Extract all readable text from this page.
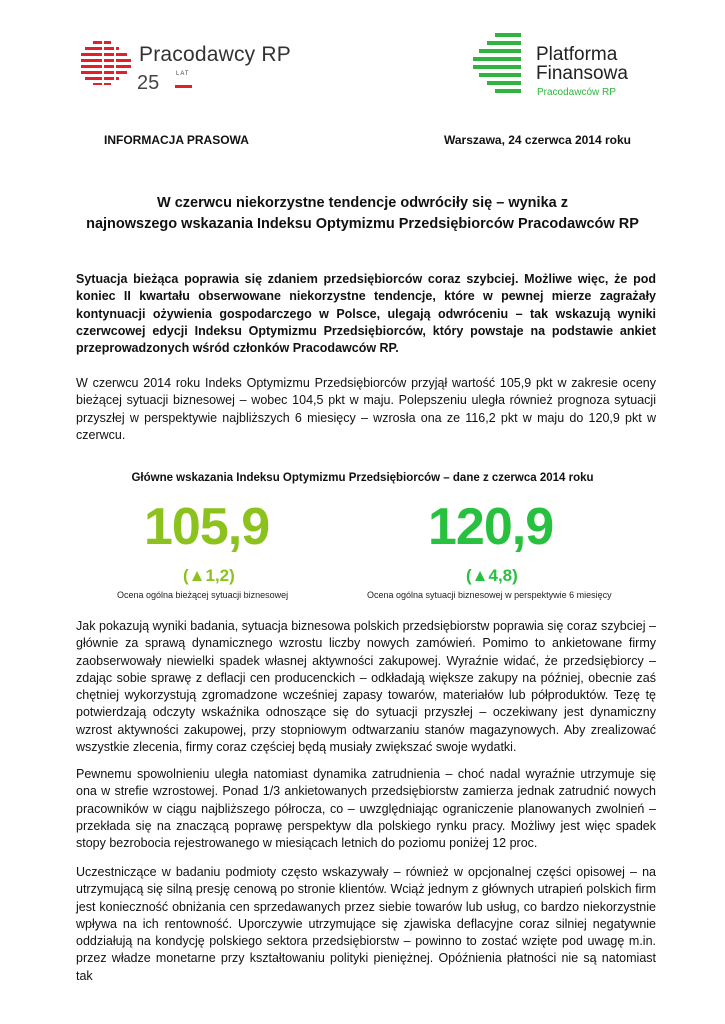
Pracodawcy RP
25	LAT
Platforma
Finansowa
Pracodawców RP
INFORMACJA PRASOWA	Warszawa, 24 czerwca 2014 roku
W czerwcu niekorzystne tendencje odwróciły się – wynika z
najnowszego wskazania Indeksu Optymizmu Przedsiębiorców Pracodawców RP
Sytuacja bieżąca poprawia się zdaniem przedsiębiorców coraz szybciej. Możliwe więc, że pod koniec II kwartału obserwowane niekorzystne tendencje, które w pewnej mierze zagrażały kontynuacji ożywienia gospodarczego w Polsce, ulegają odwróceniu – tak wskazują wyniki czerwcowej edycji Indeksu Optymizmu Przedsiębiorców, który powstaje na podstawie ankiet przeprowadzonych wśród członków Pracodawców RP.
W czerwcu 2014 roku Indeks Optymizmu Przedsiębiorców przyjął wartość 105,9 pkt w zakresie oceny bieżącej sytuacji biznesowej – wobec 104,5 pkt w maju. Polepszeniu uległa również prognoza sytuacji przyszłej w perspektywie najbliższych 6 miesięcy – wzrosła ona ze 116,2 pkt w maju do 120,9 pkt w czerwcu.
Główne wskazania Indeksu Optymizmu Przedsiębiorców – dane z czerwca 2014 roku
105,9	120,9
(▲1,2)	(▲4,8)
Ocena ogólna bieżącej sytuacji biznesowej	Ocena ogólna sytuacji biznesowej w perspektywie 6 miesięcy
Jak pokazują wyniki badania, sytuacja biznesowa polskich przedsiębiorstw poprawia się coraz szybciej – głównie za sprawą dynamicznego wzrostu liczby nowych zamówień. Pomimo to ankietowane firmy zaobserwowały niewielki spadek własnej aktywności zakupowej. Wyraźnie widać, że przedsiębiorcy – zdając sobie sprawę z deflacji cen producenckich – odkładają większe zakupy na później, obecnie zaś chętniej wykorzystują zgromadzone wcześniej zapasy towarów, materiałów lub półproduktów. Tezę tę potwierdzają odczyty wskaźnika odnoszące się do sytuacji przyszłej – oczekiwany jest dynamiczny wzrost aktywności zakupowej, przy stopniowym odtwarzaniu stanów magazynowych. Aby zrealizować wszystkie zlecenia, firmy coraz częściej będą musiały zwiększać swoje wydatki.
Pewnemu spowolnieniu uległa natomiast dynamika zatrudnienia – choć nadal wyraźnie utrzymuje się ona w strefie wzrostowej. Ponad 1/3 ankietowanych przedsiębiorstw zamierza jednak zatrudnić nowych pracowników w ciągu najbliższego półrocza, co – uwzględniając ograniczenie planowanych zwolnień – przekłada się na znaczącą poprawę perspektyw dla polskiego rynku pracy. Możliwy jest więc spadek stopy bezrobocia rejestrowanego w miesiącach letnich do poziomu poniżej 12 proc.
Uczestniczące w badaniu podmioty często wskazywały – również w opcjonalnej części opisowej – na utrzymującą się silną presję cenową po stronie klientów. Wciąż jednym z głównych utrapień polskich firm jest konieczność obniżania cen sprzedawanych przez siebie towarów lub usług, co bardzo niekorzystnie wpływa na ich rentowność. Uporczywie utrzymujące się zjawiska deflacyjne coraz silniej negatywnie oddziałują na kondycję polskiego sektora przedsiębiorstw – powinno to zostać wzięte pod uwagę m.in. przez władze monetarne przy kształtowaniu polityki pieniężnej. Opóźnienia płatności nie są natomiast tak
